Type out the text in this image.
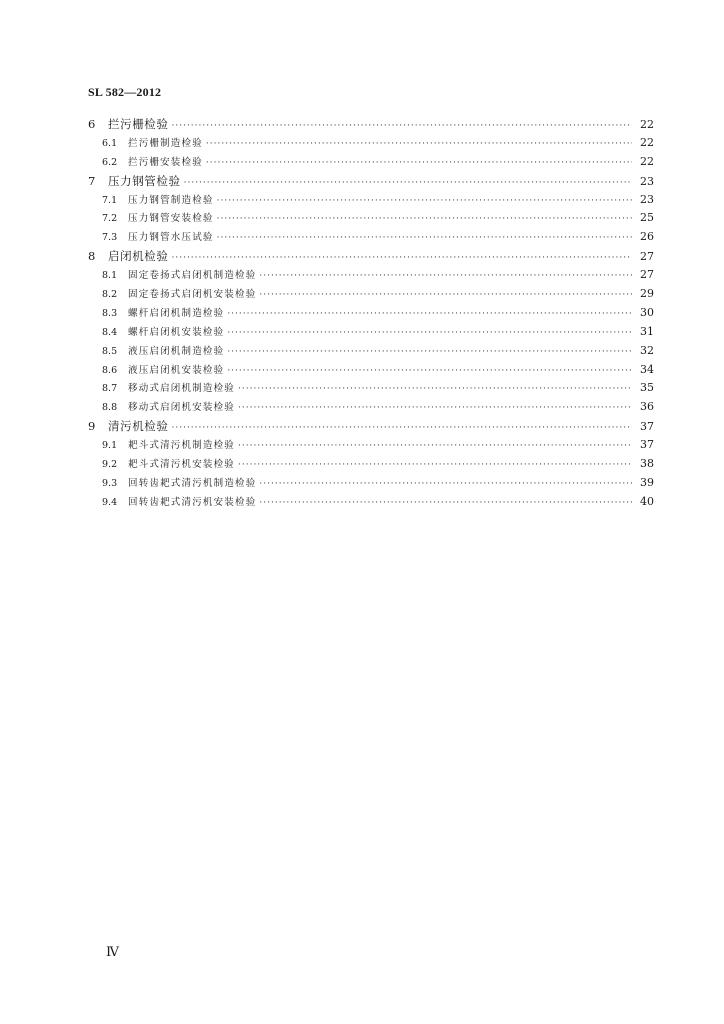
SL 582—2012
6	拦污栅检验 ·····	22
6.1	拦污栅制造检验 ·····	22
6.2	拦污栅安装检验 ·····	22
7	压力钢管检验 ·····	23
7.1	压力钢管制造检验 ·····	23
7.2	压力钢管安装检验 ·····	25
7.3	压力钢管水压试验 ·····	26
8	启闭机检验 ·····	27
8.1	固定卷扬式启闭机制造检验 ·····	27
8.2	固定卷扬式启闭机安装检验 ·····	29
8.3	螺杆启闭机制造检验 ·····	30
8.4	螺杆启闭机安装检验 ·····	31
8.5	液压启闭机制造检验 ·····	32
8.6	液压启闭机安装检验 ·····	34
8.7	移动式启闭机制造检验 ·····	35
8.8	移动式启闭机安装检验 ·····	36
9	清污机检验 ·····	37
9.1	耙斗式清污机制造检验 ·····	37
9.2	耙斗式清污机安装检验 ·····	38
9.3	回转齿耙式清污机制造检验 ·····	39
9.4	回转齿耙式清污机安装检验 ·····	40
Ⅳ
